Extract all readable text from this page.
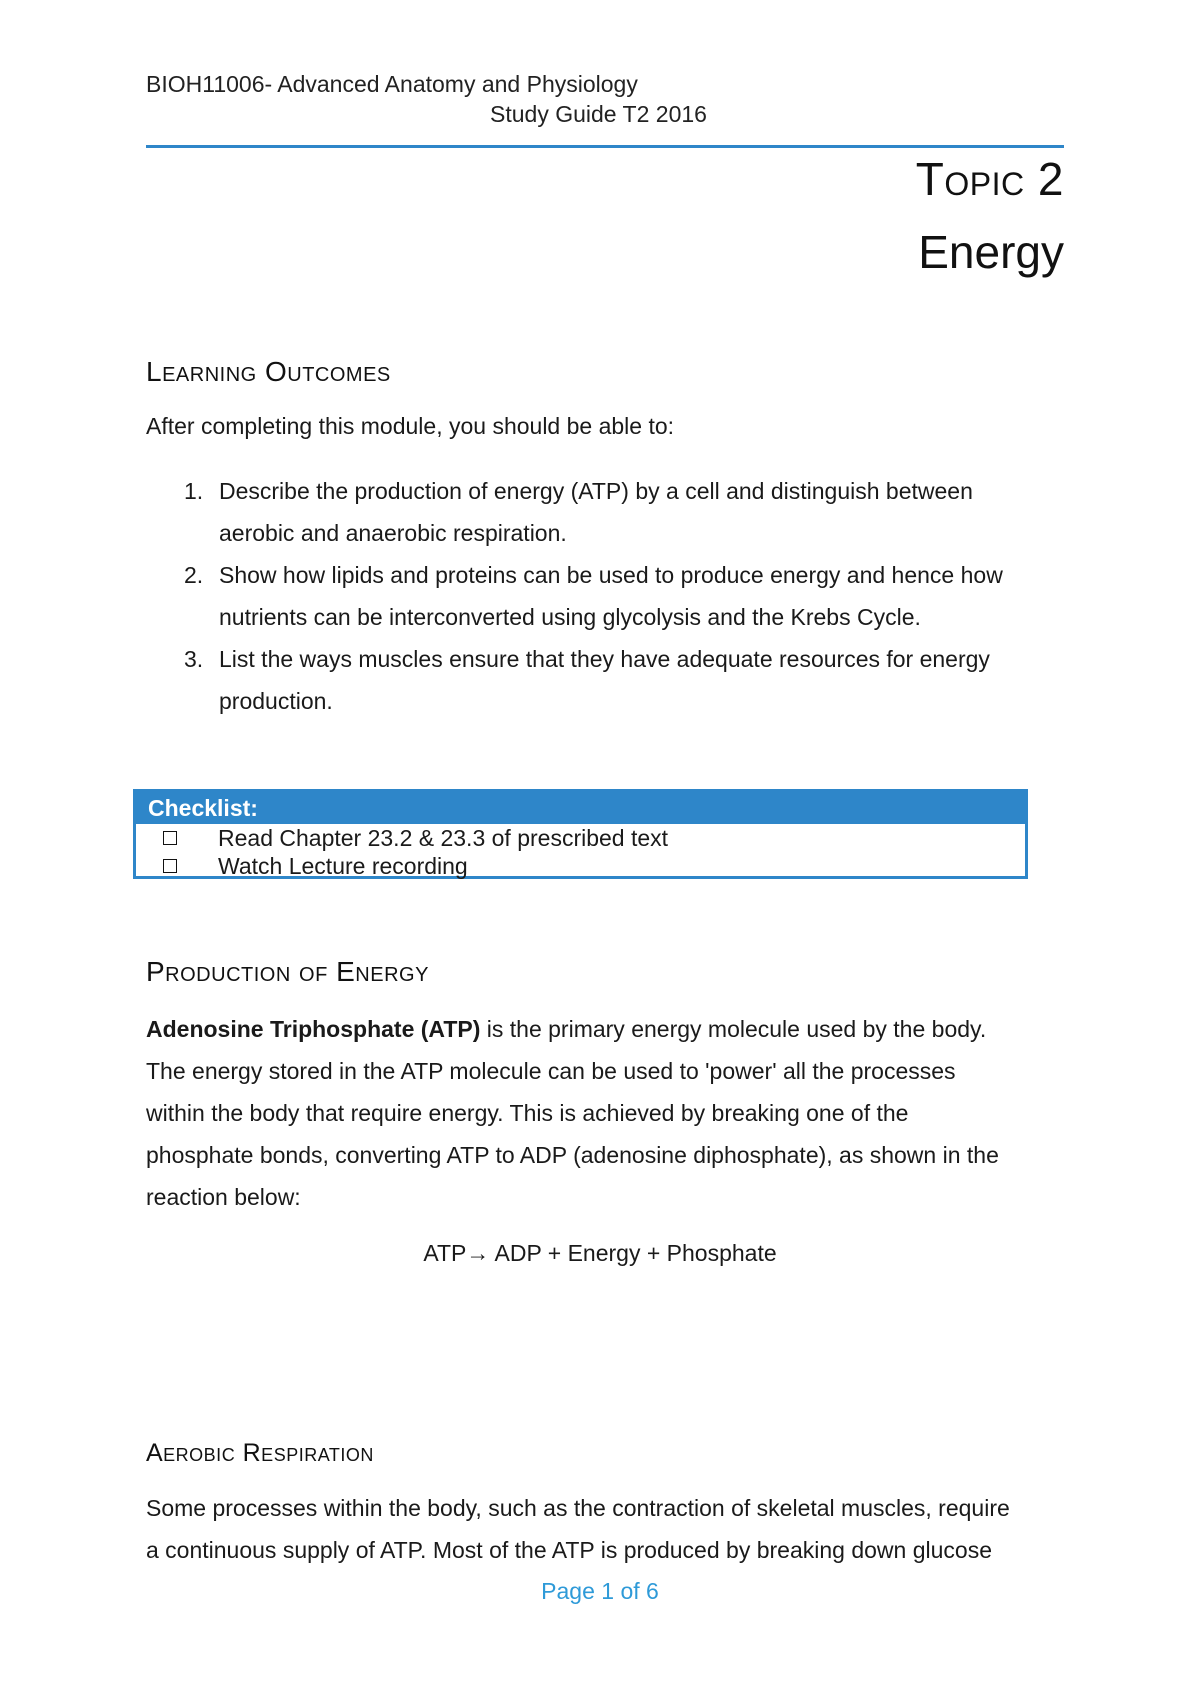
BIOH11006- Advanced Anatomy and Physiology
Study Guide T2 2016
Topic 2
Energy
Learning Outcomes
After completing this module, you should be able to:
1. Describe the production of energy (ATP) by a cell and distinguish between
aerobic and anaerobic respiration.
2. Show how lipids and proteins can be used to produce energy and hence how
nutrients can be interconverted using glycolysis and the Krebs Cycle.
3. List the ways muscles ensure that they have adequate resources for energy
production.
Checklist:
Read Chapter 23.2 & 23.3 of prescribed text
Watch Lecture recording
Production of Energy
Adenosine Triphosphate (ATP) is the primary energy molecule used by the body.
The energy stored in the ATP molecule can be used to 'power' all the processes
within the body that require energy. This is achieved by breaking one of the
phosphate bonds, converting ATP to ADP (adenosine diphosphate), as shown in the
reaction below:
ATP→ ADP + Energy + Phosphate
Aerobic Respiration
Some processes within the body, such as the contraction of skeletal muscles, require
a continuous supply of ATP. Most of the ATP is produced by breaking down glucose
Page 1 of 6
